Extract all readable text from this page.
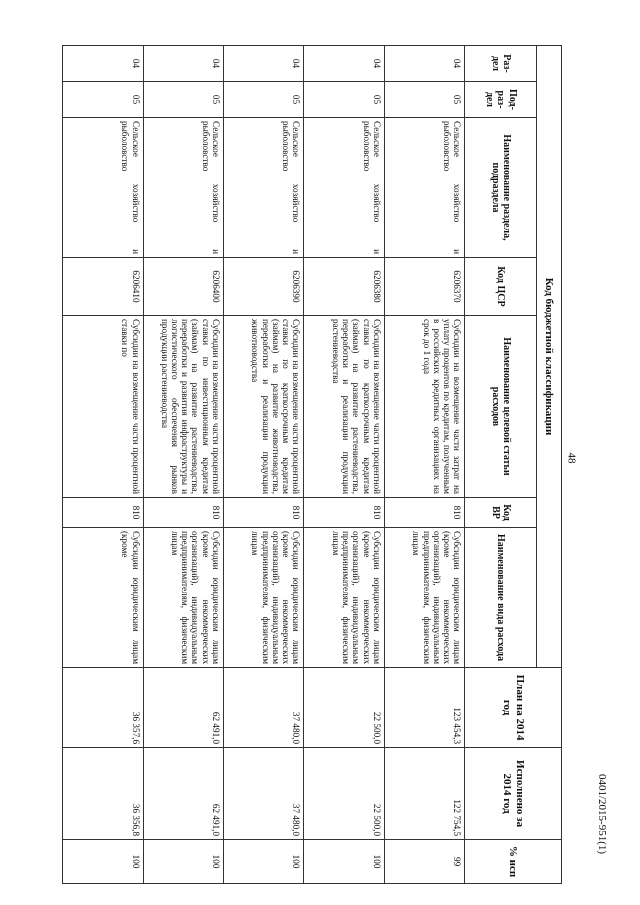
48
Код бюджетной классификации							План на 2014 год	Исполнено за 2014 год	% исп
Раз-дел	Под-раз-дел	Наименование раздела, подраздела	Код ЦСР	Наименование целевой статьи расходов	Код ВР	Наименование вида расхода			
04	05	Сельское хозяйство и рыболовство	6206370	Субсидии на возмещение части затрат на уплату процентов по кредитам, полученным в российских кредитных организациях на срок до 1 года	810	Субсидии юридическим лицам (кроме некоммерческих организаций), индивидуальным предпринимателям, физическим лицам	123 454,3	122 754,5	99
04	05	Сельское хозяйство и рыболовство	6206380	Субсидии на возмещение части процентной ставки по краткосрочным кредитам (займам) на развитие растениеводства, переработки и реализации продукции растениеводства	810	Субсидии юридическим лицам (кроме некоммерческих организаций), индивидуальным предпринимателям, физическим лицам	22 500,0	22 500,0	100
04	05	Сельское хозяйство и рыболовство	6206390	Субсидии на возмещение части процентной ставки по краткосрочным кредитам (займам) на развитие животноводства, переработки и реализации продукции животноводства	810	Субсидии юридическим лицам (кроме некоммерческих организаций), индивидуальным предпринимателям, физическим лицам	37 480,0	37 480,0	100
04	05	Сельское хозяйство и рыболовство	6206400	Субсидии на возмещение части процентной ставки по инвестиционным кредитам (займам) на развитие растениеводства, переработки и развития инфраструктуры и логистического обеспечения рынков продукции растениеводства	810	Субсидии юридическим лицам (кроме некоммерческих организаций), индивидуальным предпринимателям, физическим лицам	62 491,0	62 491,0	100
04	05	Сельское хозяйство и рыболовство	6206410	Субсидии на возмещение части процентной ставки по	810	Субсидии юридическим лицам (кроме	36 357,6	36 356,8	100
0401/2015-951(1)
